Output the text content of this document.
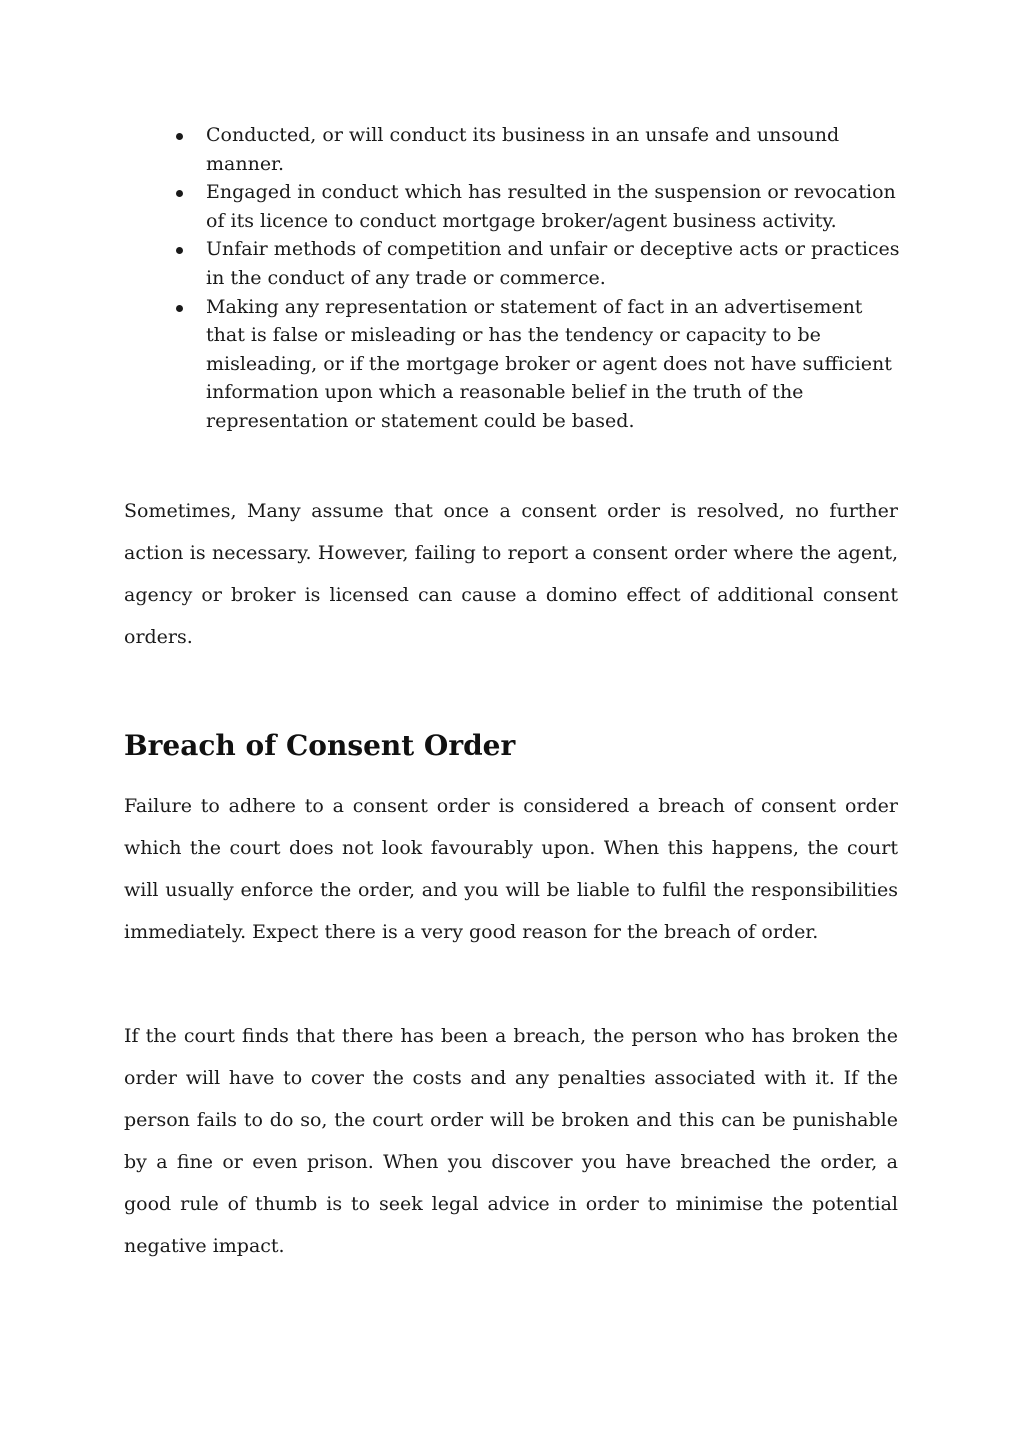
Conducted, or will conduct its business in an unsafe and unsound manner.
Engaged in conduct which has resulted in the suspension or revocation of its licence to conduct mortgage broker/agent business activity.
Unfair methods of competition and unfair or deceptive acts or practices in the conduct of any trade or commerce.
Making any representation or statement of fact in an advertisement that is false or misleading or has the tendency or capacity to be misleading, or if the mortgage broker or agent does not have sufficient information upon which a reasonable belief in the truth of the representation or statement could be based.

Sometimes, Many assume that once a consent order is resolved, no further action is necessary. However, failing to report a consent order where the agent, agency or broker is licensed can cause a domino effect of additional consent orders.

Breach of Consent Order

Failure to adhere to a consent order is considered a breach of consent order which the court does not look favourably upon. When this happens, the court will usually enforce the order, and you will be liable to fulfil the responsibilities immediately. Expect there is a very good reason for the breach of order.

If the court finds that there has been a breach, the person who has broken the order will have to cover the costs and any penalties associated with it. If the person fails to do so, the court order will be broken and this can be punishable by a fine or even prison. When you discover you have breached the order, a good rule of thumb is to seek legal advice in order to minimise the potential negative impact.
